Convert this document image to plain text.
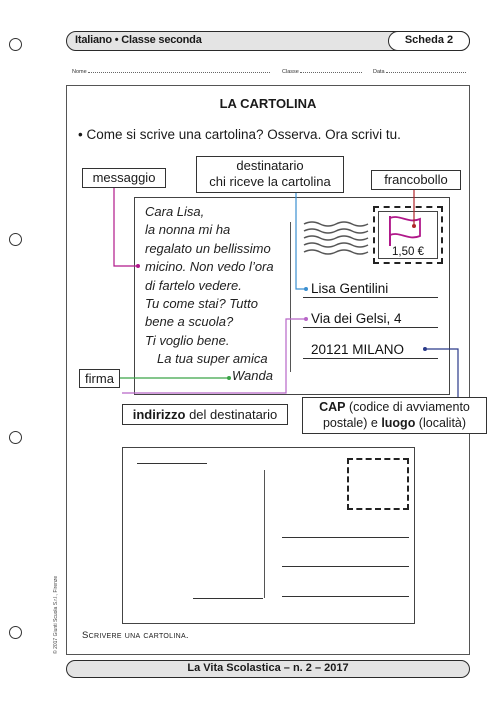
Italiano • Classe seconda	Scheda 2
Nome	Classe	Data
LA CARTOLINA
• Come si scrive una cartolina? Osserva. Ora scrivi tu.
Cara Lisa,
la nonna mi ha
regalato un bellissimo
micino. Non vedo l’ora
di fartelo vedere.
Tu come stai? Tutto
bene a scuola?
Ti voglio bene.
La tua super amica
Wanda
1,50 €
Lisa Gentilini
Via dei Gelsi, 4
20121 MILANO
messaggio
destinatario
chi riceve la cartolina	francobollo
firma
indirizzo del destinatario	CAP (codice di avviamento
postale) e luogo (località)
Scrivere una cartolina.
© 2017 Giunti Scuola S.r.l., Firenze
La Vita Scolastica – n. 2 – 2017
